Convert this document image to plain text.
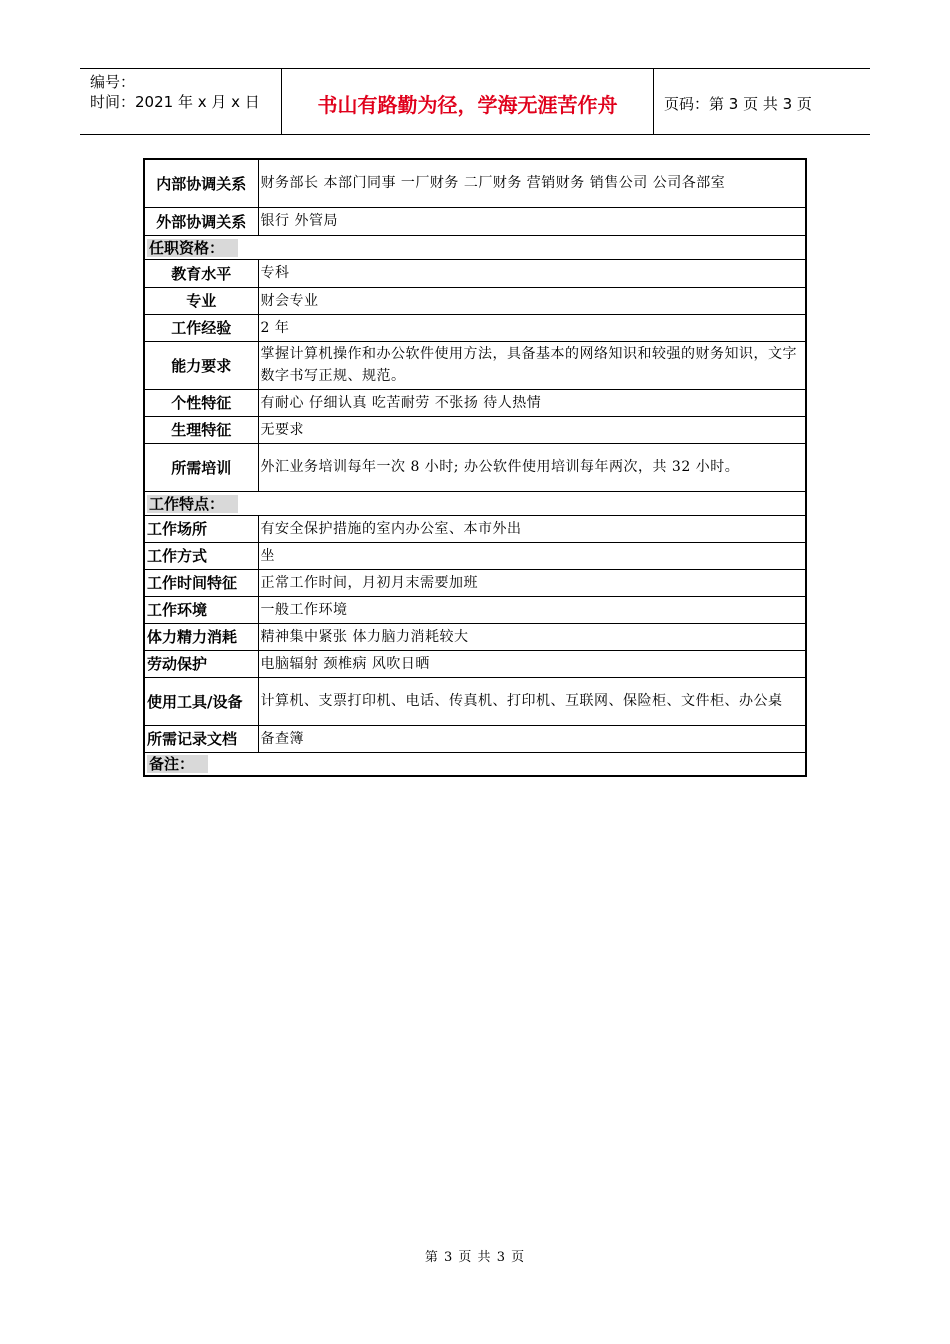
编号：
时间：2021 年 x 月 x 日	书山有路勤为径，学海无涯苦作舟	页码：第 3 页 共 3 页
内部协调关系	财务部长 本部门同事 一厂财务 二厂财务 营销财务 销售公司 公司各部室
外部协调关系	银行 外管局
任职资格：	
教育水平	专科
专业	财会专业
工作经验	2 年
能力要求	掌握计算机操作和办公软件使用方法，具备基本的网络知识和较强的财务知识，文字数字书写正规、规范。
个性特征	有耐心 仔细认真 吃苦耐劳 不张扬 待人热情
生理特征	无要求
所需培训	外汇业务培训每年一次 8 小时; 办公软件使用培训每年两次，共 32 小时。
工作特点：	
工作场所	有安全保护措施的室内办公室、本市外出
工作方式	坐
工作时间特征	正常工作时间，月初月末需要加班
工作环境	一般工作环境
体力精力消耗	精神集中紧张 体力脑力消耗较大
劳动保护	电脑辐射 颈椎病 风吹日晒
使用工具/设备	计算机、支票打印机、电话、传真机、打印机、互联网、保险柜、文件柜、办公桌
所需记录文档	备查簿
备注：	
第 3 页 共 3 页
